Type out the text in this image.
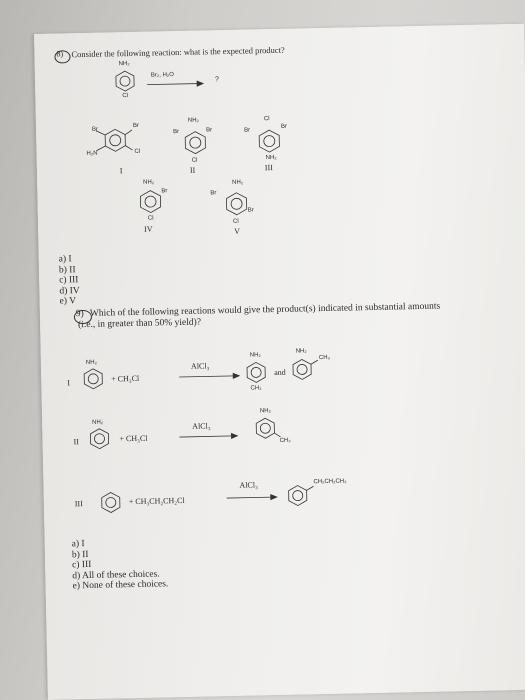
8) Consider the following reaction: what is the expected product?
NH₂
Cl
Br₂, H₂O
?
Br
Br
H₂N	Cl
I
NH₂
Br	Br
Cl
II
Cl
Br
Br
NH₂
III
NH₂
Br
Cl
IV
NH₂
Br
Br
Cl
V
a) I
b) II
c) III
d) IV
e) V
9) Which of the following reactions would give the product(s) indicated in substantial amounts
(i.e., in greater than 50% yield)?
I
NH₂
+ CH₃Cl
AlCl₃
NH₂
CH₃
and
NH₂
CH₃
II
NH₂
+ CH₃Cl
AlCl₃
NH₂
CH₃
III	+ CH₃CH₂CH₂Cl
AlCl₃	CH₂CH₂CH₃
a) I
b) II
c) III
d) All of these choices.
e) None of these choices.
